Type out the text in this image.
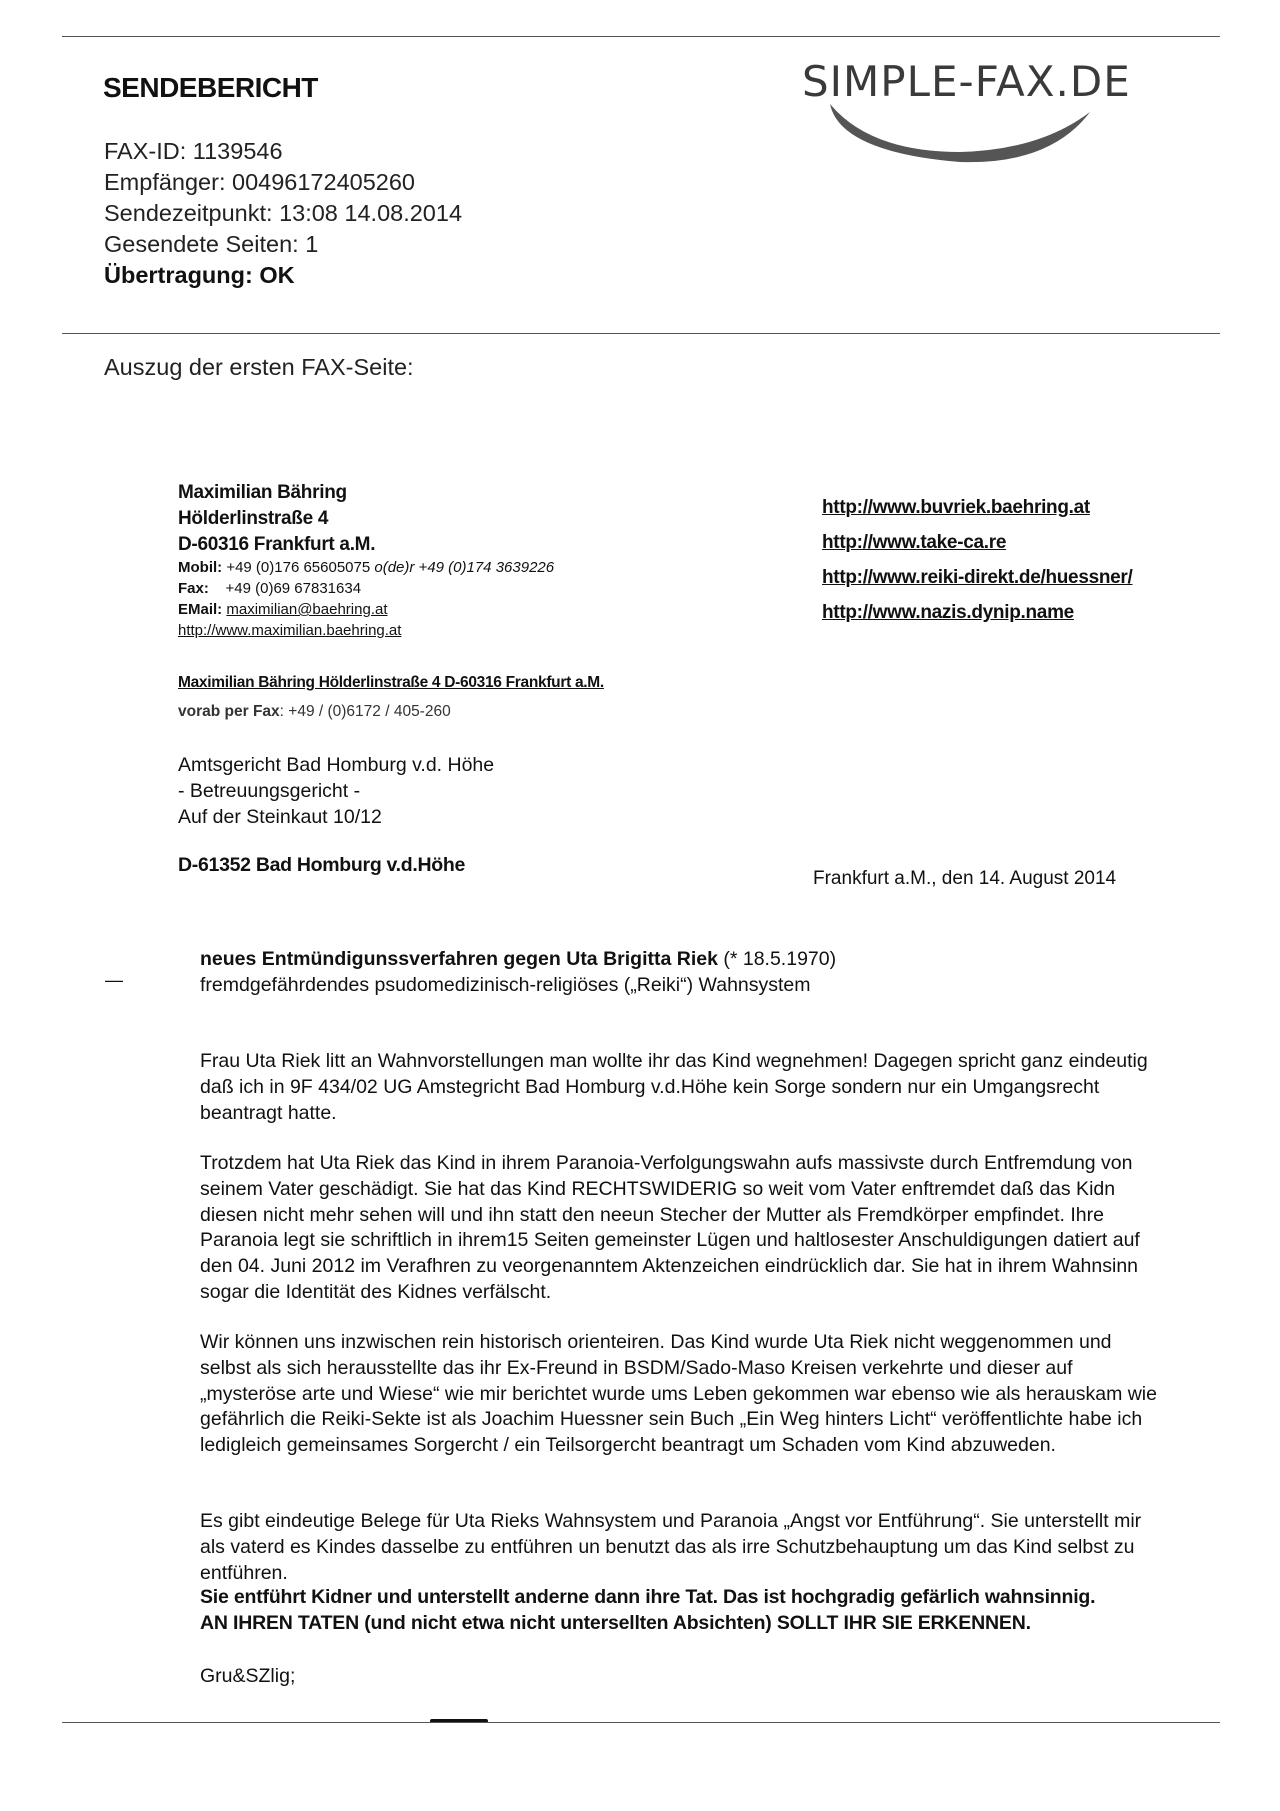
SENDEBERICHT	SIMPLE-FAX.DE
FAX-ID: 1139546
Empfänger: 00496172405260
Sendezeitpunkt: 13:08 14.08.2014
Gesendete Seiten: 1
Übertragung: OK
Auszug der ersten FAX-Seite:
Maximilian Bähring
Hölderlinstraße 4
D-60316 Frankfurt a.M.
Mobil: +49 (0)176 65605075 o(de)r +49 (0)174 3639226
Fax:    +49 (0)69 67831634
EMail: maximilian@baehring.at
http://www.maximilian.baehring.at
http://www.buvriek.baehring.at
http://www.take-ca.re
http://www.reiki-direkt.de/huessner/
http://www.nazis.dynip.name
Maximilian Bähring Hölderlinstraße 4 D-60316 Frankfurt a.M.
vorab per Fax: +49 / (0)6172 / 405-260
Amtsgericht Bad Homburg v.d. Höhe
- Betreuungsgericht -
Auf der Steinkaut 10/12
D-61352 Bad Homburg v.d.Höhe
Frankfurt a.M., den 14. August 2014
—
neues Entmündigunssverfahren gegen Uta Brigitta Riek (* 18.5.1970)
fremdgefährdendes psudomedizinisch-religiöses („Reiki“) Wahnsystem
Frau Uta Riek litt an Wahnvorstellungen man wollte ihr das Kind wegnehmen! Dagegen spricht ganz eindeutig daß ich in 9F 434/02 UG Amstegricht Bad Homburg v.d.Höhe kein Sorge sondern nur ein Umgangsrecht beantragt hatte.
Trotzdem hat Uta Riek das Kind in ihrem Paranoia-Verfolgungswahn aufs massivste durch Entfremdung von seinem Vater geschädigt. Sie hat das Kind RECHTSWIDERIG so weit vom Vater enftremdet daß das Kidn diesen nicht mehr sehen will und ihn statt den neeun Stecher der Mutter als Fremdkörper empfindet. Ihre Paranoia legt sie schriftlich in ihrem15 Seiten gemeinster Lügen und haltlosester Anschuldigungen datiert auf den 04. Juni 2012 im Verafhren zu veorgenanntem Aktenzeichen eindrücklich dar. Sie hat in ihrem Wahnsinn sogar die Identität des Kidnes verfälscht.
Wir können uns inzwischen rein historisch orienteiren. Das Kind wurde Uta Riek nicht weggenommen und selbst als sich herausstellte das ihr Ex-Freund in BSDM/Sado-Maso Kreisen verkehrte und dieser auf „mysteröse arte und Wiese“ wie mir berichtet wurde ums Leben gekommen war ebenso wie als herauskam wie gefährlich die Reiki-Sekte ist als Joachim Huessner sein Buch „Ein Weg hinters Licht“ veröffentlichte habe ich ledigleich gemeinsames Sorgercht / ein Teilsorgercht beantragt um Schaden vom Kind abzuweden.
Es gibt eindeutige Belege für Uta Rieks Wahnsystem und Paranoia „Angst vor Entführung“. Sie unterstellt mir als vaterd es Kindes dasselbe zu entführen un benutzt das als irre Schutzbehauptung um das Kind selbst zu entführen.
Sie entführt Kidner und unterstellt anderne dann ihre Tat. Das ist hochgradig gefärlich wahnsinnig.
AN IHREN TATEN (und nicht etwa nicht untersellten Absichten) SOLLT IHR SIE ERKENNEN.
Gru&SZlig;
